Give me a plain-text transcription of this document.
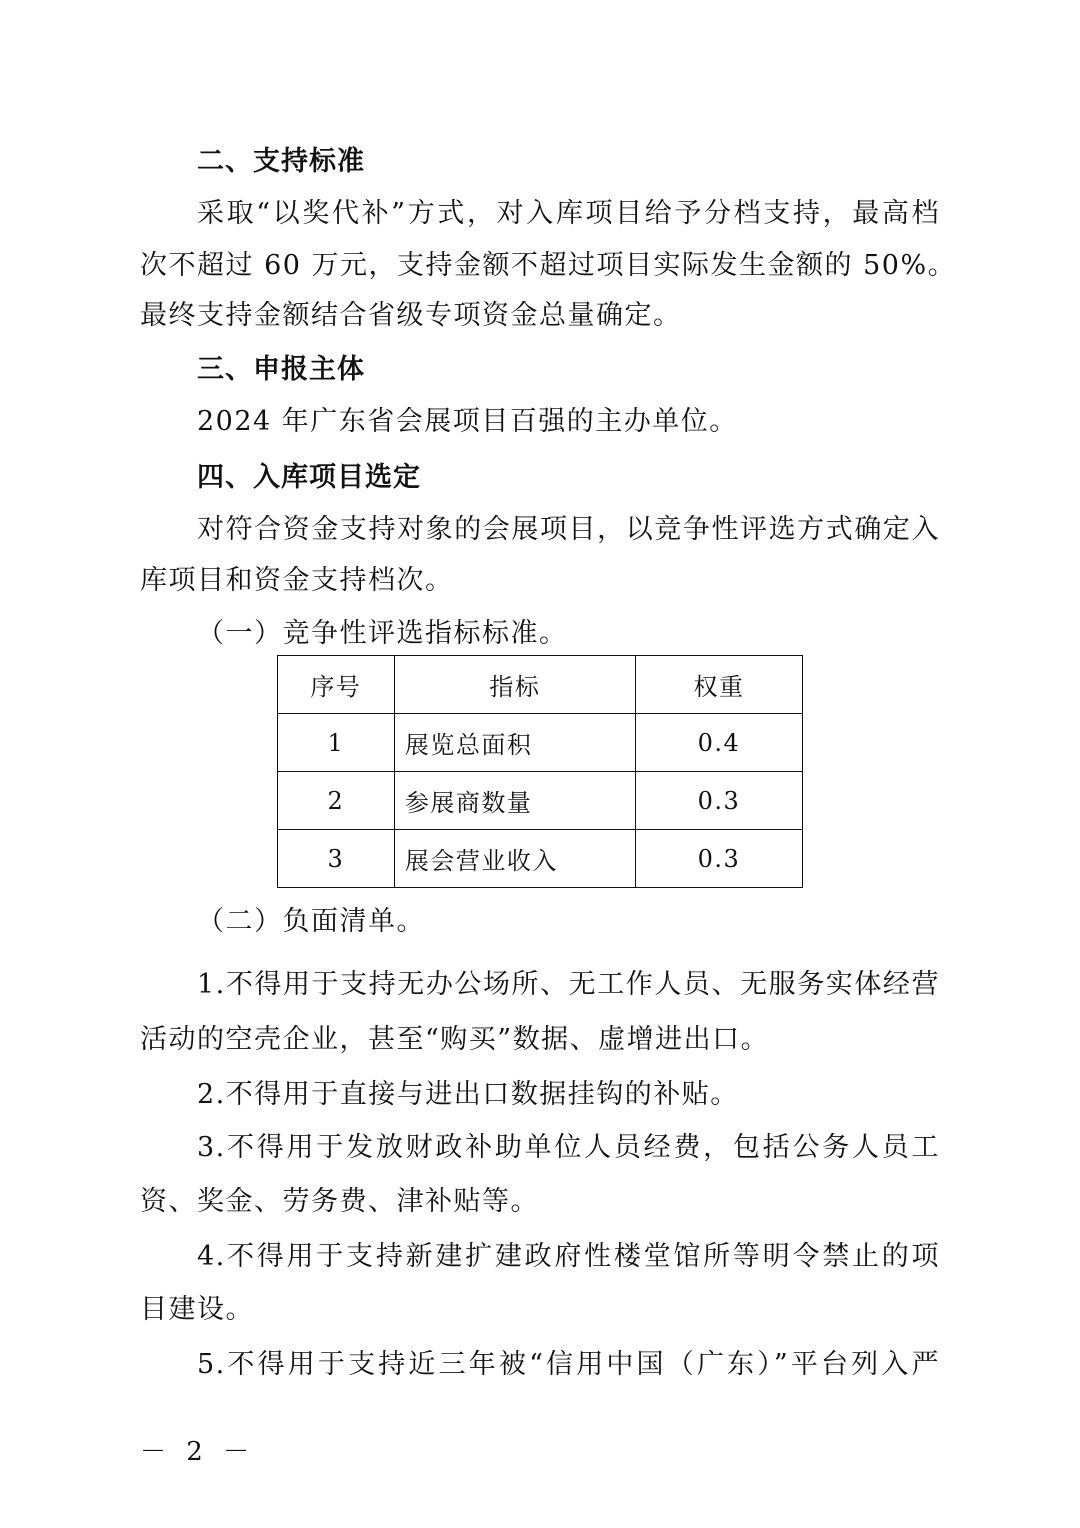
二、支持标准
采取“以奖代补”方式，对入库项目给予分档支持，最高档
次不超过 60 万元，支持金额不超过项目实际发生金额的 50%。
最终支持金额结合省级专项资金总量确定。
三、申报主体
2024 年广东省会展项目百强的主办单位。
四、入库项目选定
对符合资金支持对象的会展项目，以竞争性评选方式确定入
库项目和资金支持档次。
（一）竞争性评选指标标准。
序号	指标	权重
1	展览总面积	0.4
2	参展商数量	0.3
3	展会营业收入	0.3
（二）负面清单。
1.不得用于支持无办公场所、无工作人员、无服务实体经营
活动的空壳企业，甚至“购买”数据、虚增进出口。
2.不得用于直接与进出口数据挂钩的补贴。
3.不得用于发放财政补助单位人员经费，包括公务人员工
资、奖金、劳务费、津补贴等。
4.不得用于支持新建扩建政府性楼堂馆所等明令禁止的项
目建设。
5.不得用于支持近三年被“信用中国（广东）”平台列入严
－ 2 －
